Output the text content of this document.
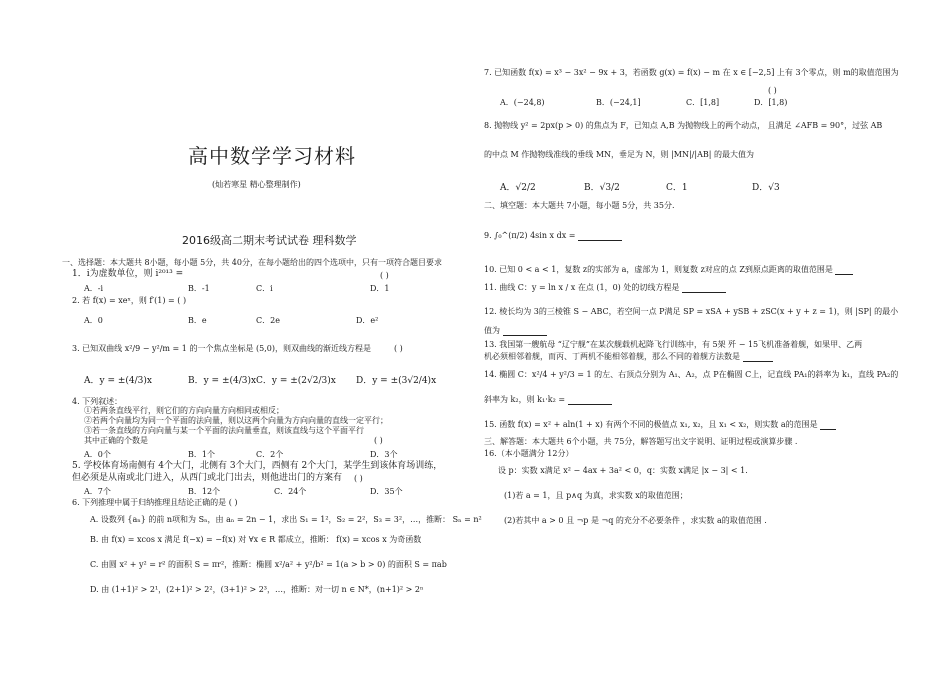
高中数学学习材料
(灿若寒星 精心整理制作)
2016级高二期末考试试卷 理科数学
一、选择题：本大题共 8小题，每小题 5分，共 40分，在每小题给出的四个选项中，只有一项符合题目要求
1．i为虚数单位，则 i²⁰¹³ =	( )
A．-i	B．-1	C．i	D．1
2. 若 f(x) = xeˣ，则 f′(1) = ( )
A．0	B．e	C．2e	D．e²
3. 已知双曲线 x²/9 − y²/m = 1 的一个焦点坐标是 (5,0)，则双曲线的渐近线方程是	( )
A．y = ±(4/3)x	B．y = ±(4/3)x C．y = ±(2√2/3)x D．y = ±(3√2/4)x
4. 下列叙述：
①若两条直线平行，则它们的方向向量方向相同或相反；
②若两个向量均为同一个平面的法向量，则以这两个向量为方向向量的直线一定平行；
③若一条直线的方向向量与某一个平面的法向量垂直，则该直线与这个平面平行
其中正确的个数是	( )
A．0个	B．1个	C．2个	D．3个
5. 学校体育场南侧有 4个大门，北侧有 3个大门，西侧有 2个大门，某学生到该体育场训练，
但必须是从南或北门进入，从西门或北门出去，则他进出门的方案有 ( )
A．7个	B．12个	C．24个	D．35个
6. 下列推理中属于归纳推理且结论正确的是 ( )
A. 设数列 {aₙ} 的前 n项和为 Sₙ，由 aₙ = 2n − 1，求出 S₁ = 1²，S₂ = 2²，S₃ = 3²，…，推断： Sₙ = n²
B. 由 f(x) = xcos x 满足 f(−x) = −f(x) 对 ∀x ∈ R 都成立，推断： f(x) = xcos x 为奇函数
C. 由圆 x² + y² = r² 的面积 S = πr²，推断：椭圆 x²/a² + y²/b² = 1(a > b > 0) 的面积 S = πab
D. 由 (1+1)² > 2¹，(2+1)² > 2²，(3+1)² > 2³，…，推断：对一切 n ∈ N*，(n+1)² > 2ⁿ
7. 已知函数 f(x) = x³ − 3x² − 9x + 3，若函数 g(x) = f(x) − m 在 x ∈ [−2,5] 上有 3个零点，则 m的取值范围为
( )
A．(−24,8)	B．(−24,1]	C．[1,8]	D．[1,8)
8. 抛物线 y² = 2px(p > 0) 的焦点为 F，已知点 A,B 为抛物线上的两个动点， 且满足 ∠AFB = 90°，过弦 AB
的中点 M 作抛物线准线的垂线 MN，垂足为 N，则 |MN|/|AB| 的最大值为
A．√2/2	B．√3/2	C．1	D．√3
二、填空题：本大题共 7小题，每小题 5分，共 35分.
9. ∫₀^(π/2) 4sin x dx =
10. 已知 0 < a < 1，复数 z的实部为 a，虚部为 1，则复数 z对应的点 Z到原点距离的取值范围是
11. 曲线 C：y = ln x / x 在点 (1，0) 处的切线方程是
12. 棱长均为 3的三棱锥 S − ABC，若空间一点 P满足 SP = xSA + ySB + zSC(x + y + z = 1)，则 |SP| 的最小
值为
13. 我国第一艘航母 “辽宁舰”在某次舰载机起降飞行训练中，有 5架 歼 − 15飞机准备着舰，如果甲、乙两
机必须相邻着舰，而丙、丁两机不能相邻着舰，那么不同的着舰方法数是
14. 椭圆 C：x²/4 + y²/3 = 1 的左、右顶点分别为 A₁、A₂，点 P在椭圆 C上，记直线 PA₁的斜率为 k₁，直线 PA₂的
斜率为 k₂，则 k₁·k₂ =
15. 函数 f(x) = x² + aln(1 + x) 有两个不同的极值点 x₁, x₂，且 x₁ < x₂，则实数 a的范围是
三、解答题：本大题共 6个小题，共 75分，解答题写出文字说明、证明过程或演算步骤 .
16.（本小题满分 12分）
设 p：实数 x满足 x² − 4ax + 3a² < 0，q：实数 x满足 |x − 3| < 1.
(1)若 a = 1，且 p∧q 为真，求实数 x的取值范围；
(2)若其中 a > 0 且 ¬p 是 ¬q 的充分不必要条件 ，求实数 a的取值范围 .
